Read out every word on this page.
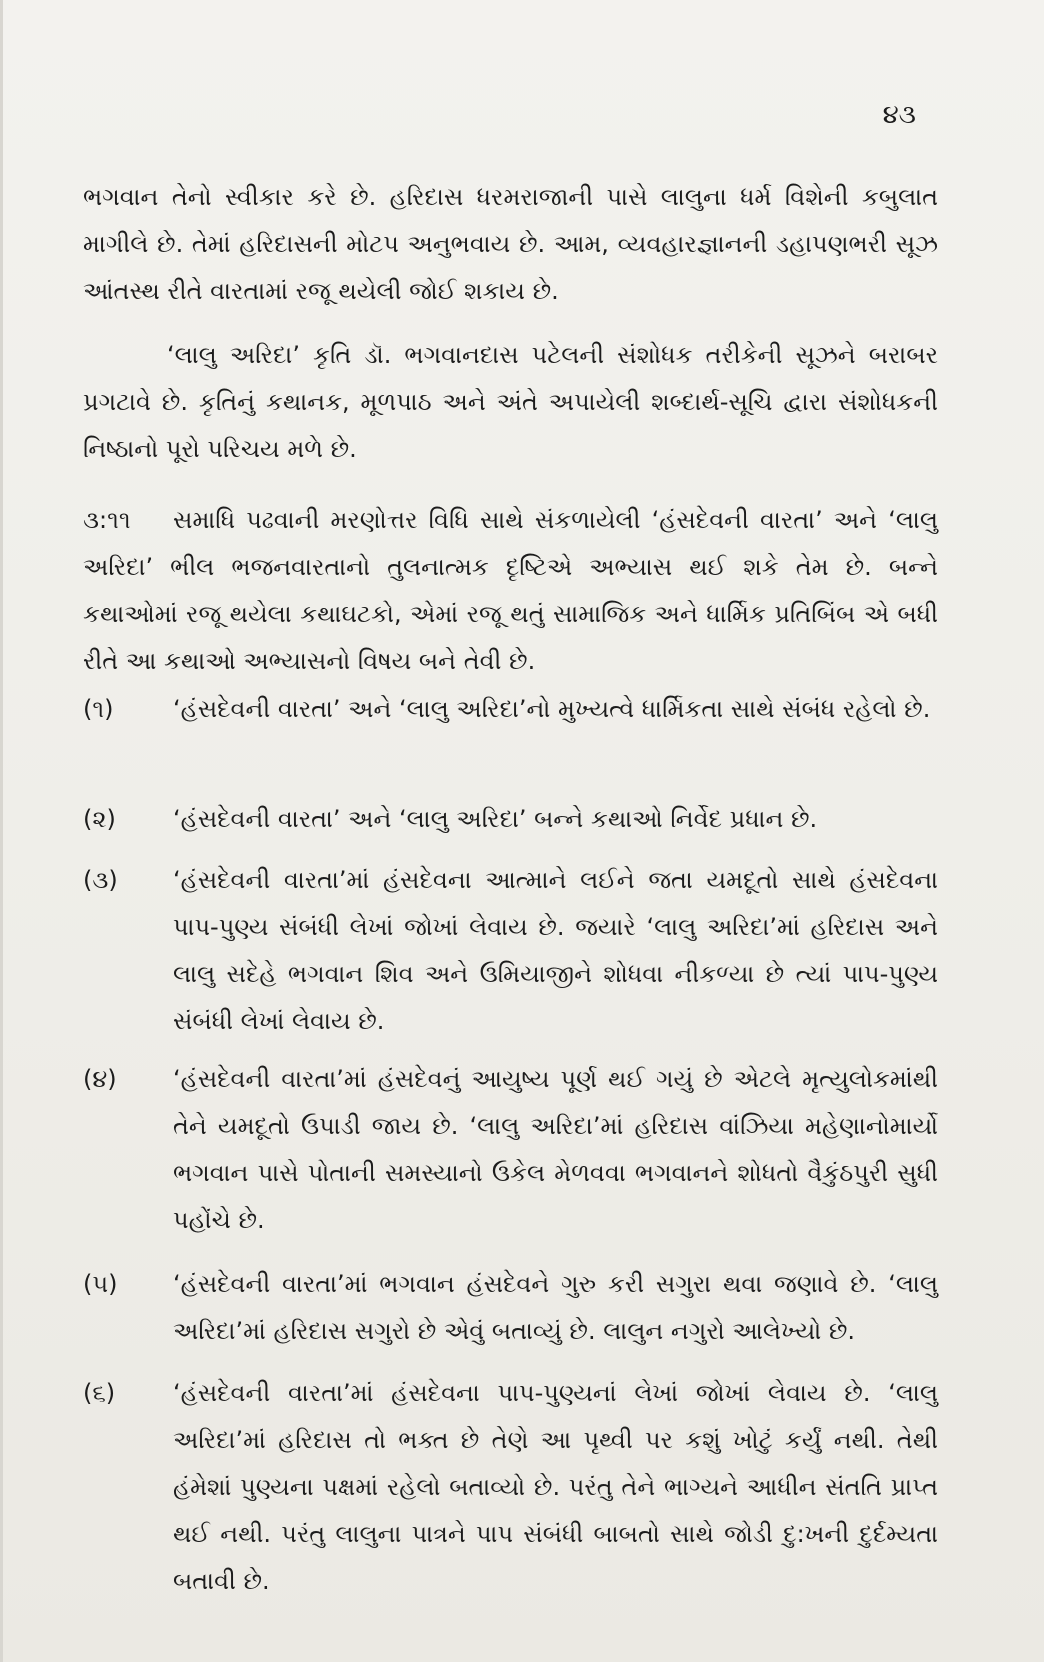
૪૩

ભગવાન તેનો સ્વીકાર કરે છે. હરિદાસ ધરમરાજાની પાસે લાલુના ધર્મ વિશેની કબુલાત માગીલે છે. તેમાં હરિદાસની મોટપ અનુભવાય છે. આમ, વ્યવહારજ્ઞાનની ડહાપણભરી સૂઝ આંતસ્થ રીતે વારતામાં રજૂ થયેલી જોઈ શકાય છે.

‘લાલુ અરિદા’ કૃતિ ડૉ. ભગવાનદાસ પટેલની સંશોધક તરીકેની સૂઝને બરાબર પ્રગટાવે છે. કૃતિનું કથાનક, મૂળપાઠ અને અંતે અપાયેલી શબ્દાર્થ-સૂચિ દ્વારા સંશોધકની નિષ્ઠાનો પૂરો પરિચય મળે છે.

૩:૧૧ સમાધિ પઢવાની મરણોત્તર વિધિ સાથે સંકળાયેલી ‘હંસદેવની વારતા’ અને ‘લાલુ અરિદા’ ભીલ ભજનવારતાનો તુલનાત્મક દૃષ્ટિએ અભ્યાસ થઈ શકે તેમ છે. બન્ને કથાઓમાં રજૂ થયેલા કથાઘટકો, એમાં રજૂ થતું સામાજિક અને ધાર્મિક પ્રતિબિંબ એ બધી રીતે આ કથાઓ અભ્યાસનો વિષય બને તેવી છે.

(૧)	‘હંસદેવની વારતા’ અને ‘લાલુ અરિદા’નો મુખ્યત્વે ધાર્મિકતા સાથે સંબંધ રહેલો છે.

(૨)	‘હંસદેવની વારતા’ અને ‘લાલુ અરિદા’ બન્ને કથાઓ નિર્વેદ પ્રધાન છે.

(૩)	‘હંસદેવની વારતા’માં હંસદેવના આત્માને લઈને જતા યમદૂતો સાથે હંસદેવના પાપ-પુણ્ય સંબંધી લેખાં જોખાં લેવાય છે. જયારે ‘લાલુ અરિદા’માં હરિદાસ અને લાલુ સદેહે ભગવાન શિવ અને ઉમિયાજીને શોધવા નીકળ્યા છે ત્યાં પાપ-પુણ્ય સંબંધી લેખાં લેવાય છે.

(૪)	‘હંસદેવની વારતા’માં હંસદેવનું આયુષ્ય પૂર્ણ થઈ ગયું છે એટલે મૃત્યુલોકમાંથી તેને યમદૂતો ઉપાડી જાય છે. ‘લાલુ અરિદા’માં હરિદાસ વાંઝિયા મહેણાનોમાર્યો ભગવાન પાસે પોતાની સમસ્યાનો ઉકેલ મેળવવા ભગવાનને શોધતો વૈકુંઠપુરી સુધી પહોંચે છે.

(૫)	‘હંસદેવની વારતા’માં ભગવાન હંસદેવને ગુરુ કરી સગુરા થવા જણાવે છે. ‘લાલુ અરિદા’માં હરિદાસ સગુરો છે એવું બતાવ્યું છે. લાલુન નગુરો આલેખ્યો છે.

(૬)	‘હંસદેવની વારતા’માં હંસદેવના પાપ-પુણ્યનાં લેખાં જોખાં લેવાય છે. ‘લાલુ અરિદા’માં હરિદાસ તો ભક્ત છે તેણે આ પૃથ્વી પર કશું ખોટું કર્યું નથી. તેથી હંમેશાં પુણ્યના પક્ષમાં રહેલો બતાવ્યો છે. પરંતુ તેને ભાગ્યને આધીન સંતતિ પ્રાપ્ત થઈ નથી. પરંતુ લાલુના પાત્રને પાપ સંબંધી બાબતો સાથે જોડી દુ:ખની દુર્દમ્યતા બતાવી છે.
